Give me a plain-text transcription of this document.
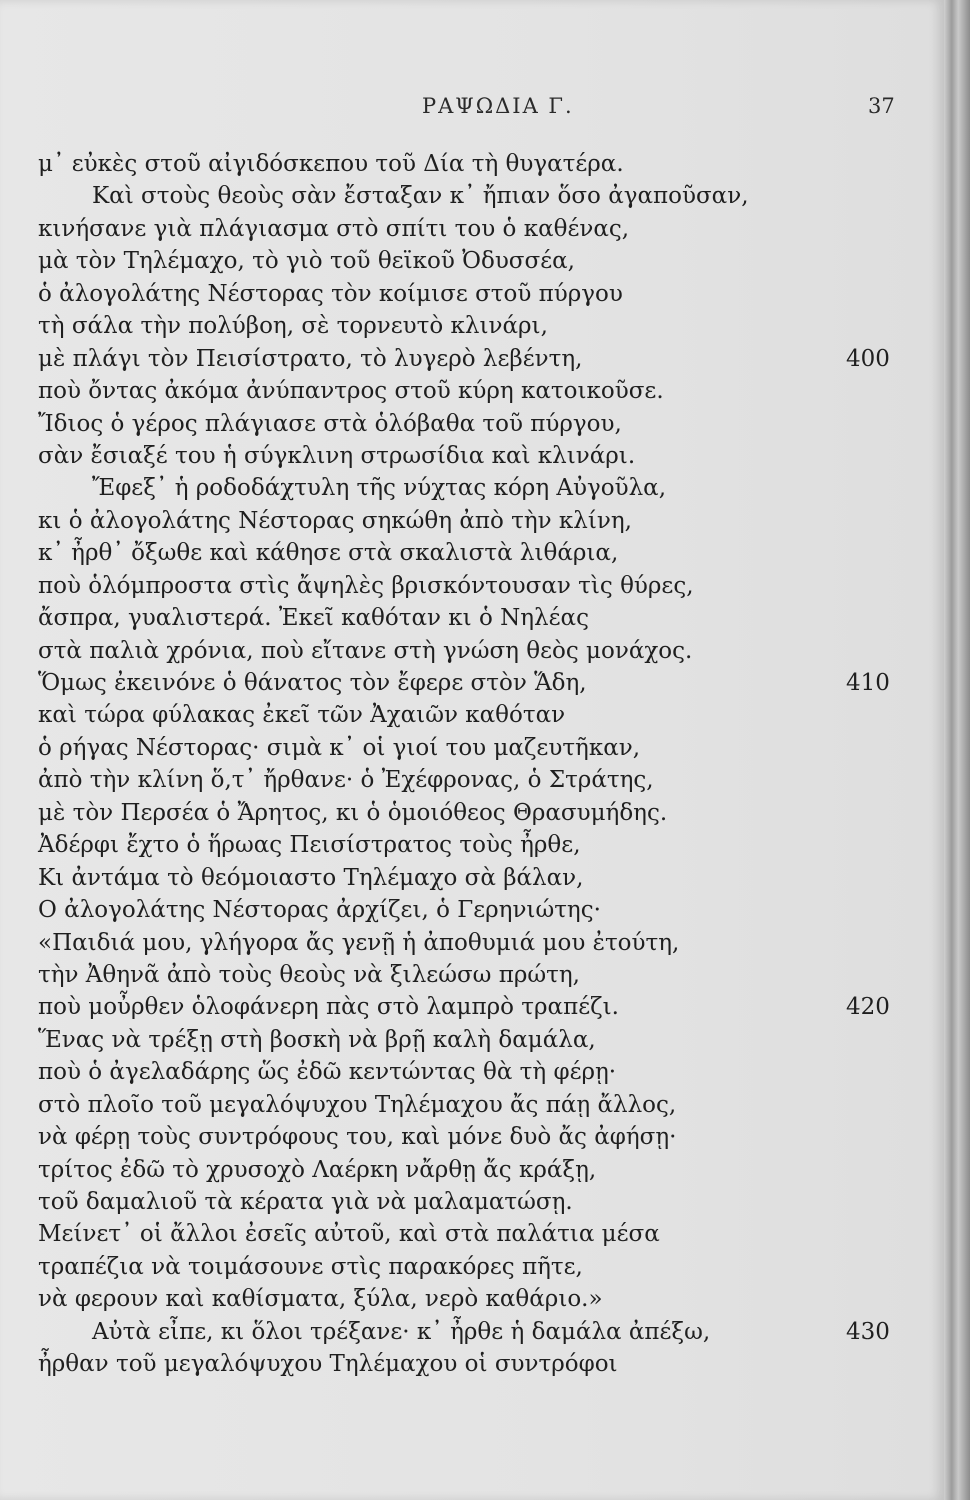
ΡΑΨΩΔΙΑ Γ.	37
μ᾽ εὐκὲς στοῦ αἰγιδόσκεπου τοῦ Δία τὴ θυγατέρα.
Καὶ στοὺς θεοὺς σὰν ἔσταξαν κ᾽ ἤπιαν ὅσο ἀγαποῦσαν,
κινήσανε γιὰ πλάγιασμα στὸ σπίτι του ὁ καθένας,
μὰ τὸν Τηλέμαχο, τὸ γιὸ τοῦ θεϊκοῦ Ὀδυσσέα,
ὁ ἀλογολάτης Νέστορας τὸν κοίμισε στοῦ πύργου
τὴ σάλα τὴν πολύβοη, σὲ τορνευτὸ κλινάρι,
μὲ πλάγι τὸν Πεισίστρατο, τὸ λυγερὸ λεβέντη,	400
ποὺ ὄντας ἀκόμα ἀνύπαντρος στοῦ κύρη κατοικοῦσε.
Ἴδιος ὁ γέρος πλάγιασε στὰ ὁλόβαθα τοῦ πύργου,
σὰν ἔσιαξέ του ἡ σύγκλινη στρωσίδια καὶ κλινάρι.
Ἔφεξ᾽ ἡ ροδοδάχτυλη τῆς νύχτας κόρη Αὐγοῦλα,
κι ὁ ἀλογολάτης Νέστορας σηκώθη ἀπὸ τὴν κλίνη,
κ᾽ ἦρθ᾽ ὄξωθε καὶ κάθησε στὰ σκαλιστὰ λιθάρια,
ποὺ ὁλόμπροστα στὶς ἄψηλὲς βρισκόντουσαν τὶς θύρες,
ἄσπρα, γυαλιστερά. Ἐκεῖ καθόταν κι ὁ Νηλέας
στὰ παλιὰ χρόνια, ποὺ εἴτανε στὴ γνώση θεὸς μονάχος.
Ὅμως ἐκεινόνε ὁ θάνατος τὸν ἔφερε στὸν Ἅδη,	410
καὶ τώρα φύλακας ἐκεῖ τῶν Ἀχαιῶν καθόταν
ὁ ρήγας Νέστορας· σιμὰ κ᾽ οἱ γιοί του μαζευτῆκαν,
ἀπὸ τὴν κλίνη ὅ,τ᾽ ἤρθανε· ὁ Ἐχέφρονας, ὁ Στράτης,
μὲ τὸν Περσέα ὁ Ἄρητος, κι ὁ ὁμοιόθεος Θρασυμήδης.
Ἀδέρφι ἔχτο ὁ ἥρωας Πεισίστρατος τοὺς ἦρθε,
Κι ἀντάμα τὸ θεόμοιαστο Τηλέμαχο σὰ βάλαν,
Ο ἀλογολάτης Νέστορας ἀρχίζει, ὁ Γερηνιώτης·
«Παιδιά μου, γλήγορα ἄς γενῇ ἡ ἀποθυμιά μου ἐτούτη,
τὴν Ἀθηνᾶ ἀπὸ τοὺς θεοὺς νὰ ξιλεώσω πρώτη,
ποὺ μοὖρθεν ὁλοφάνερη πὰς στὸ λαμπρὸ τραπέζι.	420
Ἕνας νὰ τρέξῃ στὴ βοσκὴ νὰ βρῇ καλὴ δαμάλα,
ποὺ ὁ ἀγελαδάρης ὥς ἐδῶ κεντώντας θὰ τὴ φέρῃ·
στὸ πλοῖο τοῦ μεγαλόψυχου Τηλέμαχου ἄς πάῃ ἄλλος,
νὰ φέρῃ τοὺς συντρόφους του, καὶ μόνε δυὸ ἄς ἀφήσῃ·
τρίτος ἐδῶ τὸ χρυσοχὸ Λαέρκη νἄρθῃ ἄς κράξῃ,
τοῦ δαμαλιοῦ τὰ κέρατα γιὰ νὰ μαλαματώσῃ.
Μείνετ᾽ οἱ ἄλλοι ἐσεῖς αὐτοῦ, καὶ στὰ παλάτια μέσα
τραπέζια νὰ τοιμάσουνε στὶς παρακόρες πῆτε,
νὰ φερουν καὶ καθίσματα, ξύλα, νερὸ καθάριο.»
Αὐτὰ εἶπε, κι ὅλοι τρέξανε· κ᾽ ἦρθε ἡ δαμάλα ἀπέξω,	430
ἦρθαν τοῦ μεγαλόψυχου Τηλέμαχου οἱ συντρόφοι
